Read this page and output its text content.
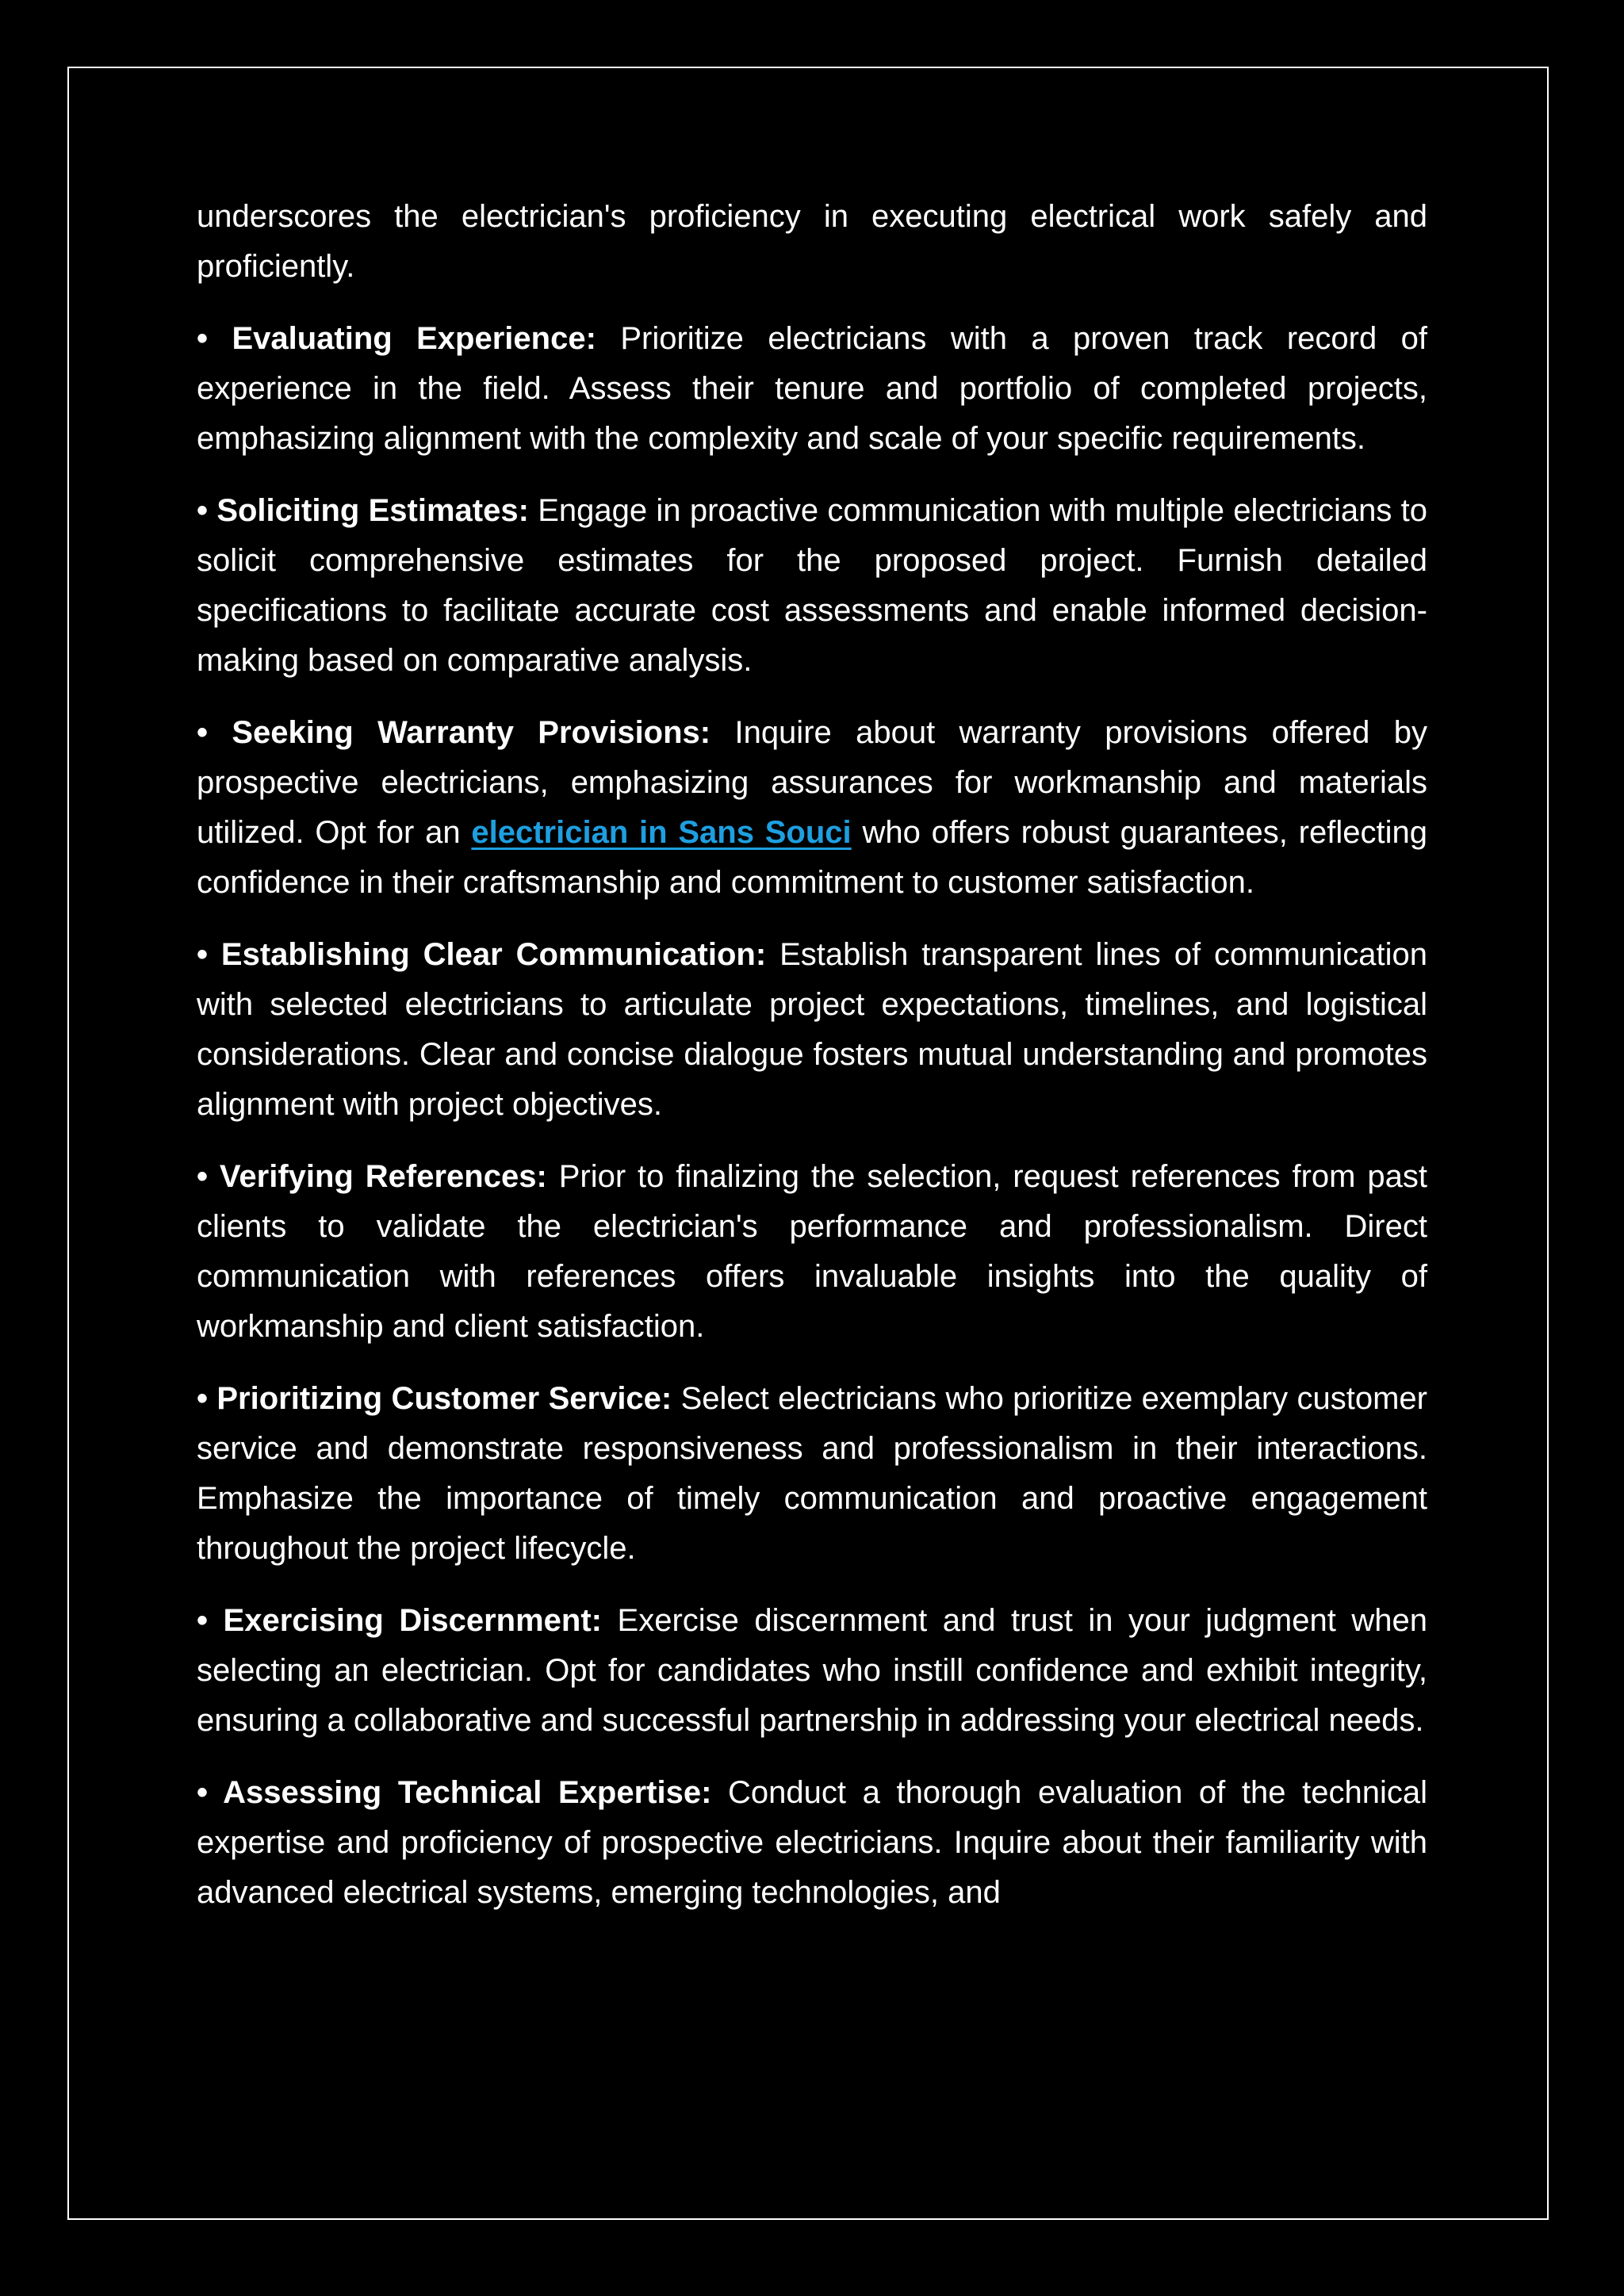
underscores the electrician's proficiency in executing electrical work safely and proficiently.

• Evaluating Experience: Prioritize electricians with a proven track record of experience in the field. Assess their tenure and portfolio of completed projects, emphasizing alignment with the complexity and scale of your specific requirements.

• Soliciting Estimates: Engage in proactive communication with multiple electricians to solicit comprehensive estimates for the proposed project. Furnish detailed specifications to facilitate accurate cost assessments and enable informed decision-making based on comparative analysis.

• Seeking Warranty Provisions: Inquire about warranty provisions offered by prospective electricians, emphasizing assurances for workmanship and materials utilized. Opt for an electrician in Sans Souci who offers robust guarantees, reflecting confidence in their craftsmanship and commitment to customer satisfaction.

• Establishing Clear Communication: Establish transparent lines of communication with selected electricians to articulate project expectations, timelines, and logistical considerations. Clear and concise dialogue fosters mutual understanding and promotes alignment with project objectives.

• Verifying References: Prior to finalizing the selection, request references from past clients to validate the electrician's performance and professionalism. Direct communication with references offers invaluable insights into the quality of workmanship and client satisfaction.

• Prioritizing Customer Service: Select electricians who prioritize exemplary customer service and demonstrate responsiveness and professionalism in their interactions. Emphasize the importance of timely communication and proactive engagement throughout the project lifecycle.

• Exercising Discernment: Exercise discernment and trust in your judgment when selecting an electrician. Opt for candidates who instill confidence and exhibit integrity, ensuring a collaborative and successful partnership in addressing your electrical needs.

• Assessing Technical Expertise: Conduct a thorough evaluation of the technical expertise and proficiency of prospective electricians. Inquire about their familiarity with advanced electrical systems, emerging technologies, and
